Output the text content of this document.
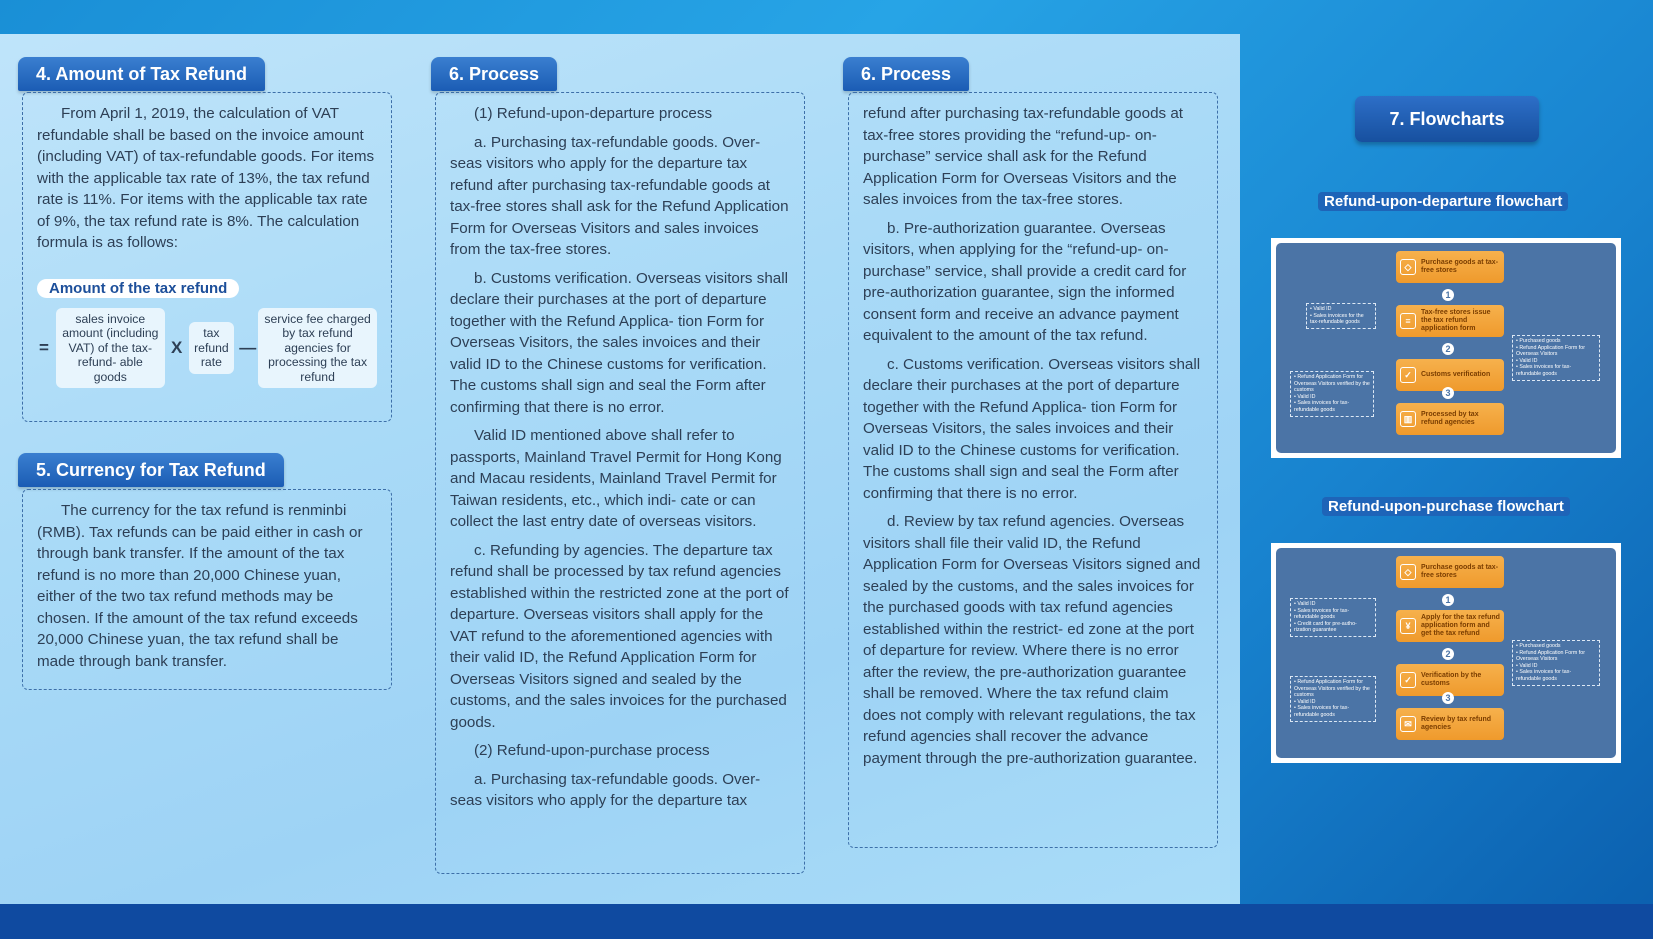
4. Amount of Tax Refund

From April 1, 2019, the calculation of VAT refundable shall be based on the invoice amount (including VAT) of tax-refundable goods. For items with the applicable tax rate of 13%, the tax refund rate is 11%. For items with the applicable tax rate of 9%, the tax refund rate is 8%. The calculation formula is as follows:

Amount of the tax refund
=
sales invoice amount (including VAT) of the tax-refund- able goods
X
tax refund rate
—
service fee charged by tax refund agencies for processing the tax refund
5. Currency for Tax Refund

The currency for the tax refund is renminbi (RMB). Tax refunds can be paid either in cash or through bank transfer. If the amount of the tax refund is no more than 20,000 Chinese yuan, either of the two tax refund methods may be chosen. If the amount of the tax refund exceeds 20,000 Chinese yuan, the tax refund shall be made through bank transfer.

6. Process

(1) Refund-upon-departure process

a. Purchasing tax-refundable goods. Over- seas visitors who apply for the departure tax refund after purchasing tax-refundable goods at tax-free stores shall ask for the Refund Application Form for Overseas Visitors and sales invoices from the tax-free stores.

b. Customs verification. Overseas visitors shall declare their purchases at the port of departure together with the Refund Applica- tion Form for Overseas Visitors, the sales invoices and their valid ID to the Chinese customs for verification. The customs shall sign and seal the Form after confirming that there is no error.

Valid ID mentioned above shall refer to passports, Mainland Travel Permit for Hong Kong and Macau residents, Mainland Travel Permit for Taiwan residents, etc., which indi- cate or can collect the last entry date of overseas visitors.

c. Refunding by agencies. The departure tax refund shall be processed by tax refund agencies established within the restricted zone at the port of departure. Overseas visitors shall apply for the VAT refund to the aforementioned agencies with their valid ID, the Refund Application Form for Overseas Visitors signed and sealed by the customs, and the sales invoices for the purchased goods.

(2) Refund-upon-purchase process

a. Purchasing tax-refundable goods. Over- seas visitors who apply for the departure tax

6. Process

refund after purchasing tax-refundable goods at tax-free stores providing the “refund-up- on-purchase” service shall ask for the Refund Application Form for Overseas Visitors and the sales invoices from the tax-free stores.

b. Pre-authorization guarantee. Overseas visitors, when applying for the “refund-up- on-purchase” service, shall provide a credit card for pre-authorization guarantee, sign the informed consent form and receive an advance payment equivalent to the amount of the tax refund.

c. Customs verification. Overseas visitors shall declare their purchases at the port of departure together with the Refund Applica- tion Form for Overseas Visitors, the sales invoices and their valid ID to the Chinese customs for verification. The customs shall sign and seal the Form after confirming that there is no error.

d. Review by tax refund agencies. Overseas visitors shall file their valid ID, the Refund Application Form for Overseas Visitors signed and sealed by the customs, and the sales invoices for the purchased goods with tax refund agencies established within the restrict- ed zone at the port of departure for review. Where there is no error after the review, the pre-authorization guarantee shall be removed. Where the tax refund claim does not comply with relevant regulations, the tax refund agencies shall recover the advance payment through the pre-authorization guarantee.

7. Flowcharts
Refund-upon-departure flowchart
◇	Purchase goods at tax-free stores
1
≡
Tax-free stores issue the tax refund application form
2
✓	Customs verification
3
▥	Processed by tax refund agencies
• Valid ID
• Sales invoices for the tax-refundable goods
• Refund Application Form for Overseas Visitors verified by the customs
• Valid ID
• Sales invoices for tax-refundable goods
• Purchased goods
• Refund Application Form for Overseas Visitors
• Valid ID
• Sales invoices for tax-refundable goods
Refund-upon-purchase flowchart
◇	Purchase goods at tax-free stores
1
¥
Apply for the tax refund application form and get the tax refund
2
✓	Verification by the customs
3
✉	Review by tax refund agencies
• Valid ID
• Sales invoices for tax-refundable goods
• Credit card for pre-autho- rization guarantee
• Refund Application Form for Overseas Visitors verified by the customs
• Valid ID
• Sales invoices for tax-refundable goods
• Purchased goods
• Refund Application Form for Overseas Visitors
• Valid ID
• Sales invoices for tax-refundable goods
